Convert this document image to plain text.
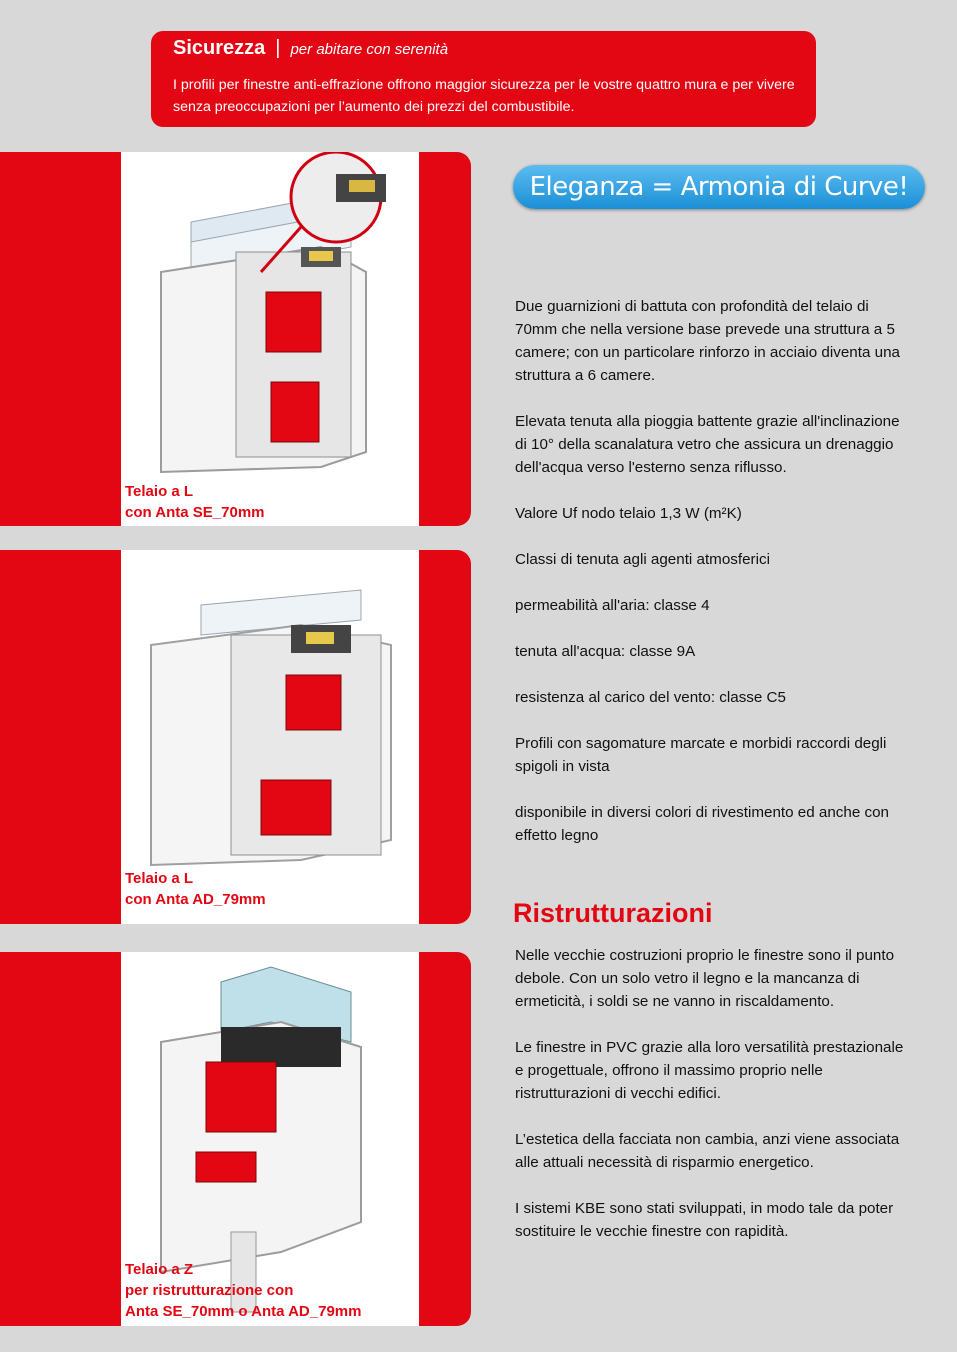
Sicurezza | per abitare con serenità
I profili per finestre anti-effrazione offrono maggior sicurezza per le vostre quattro mura e per vivere senza preoccupazioni per l’aumento dei prezzi del combustibile.
Telaio a L
con Anta SE_70mm
Telaio a L
con Anta AD_79mm
Telaio a Z
per ristrutturazione con
Anta SE_70mm o Anta AD_79mm
Eleganza = Armonia di Curve!

Due guarnizioni di battuta con profondità del telaio di 70mm che nella versione base prevede una struttura a 5 camere; con un particolare rinforzo in acciaio diventa una struttura a 6 camere.

Elevata tenuta alla pioggia battente grazie all'inclinazione di 10° della scanalatura vetro che assicura un drenaggio dell'acqua verso l'esterno senza riflusso.

Valore Uf nodo telaio 1,3 W (m²K)

Classi di tenuta agli agenti atmosferici

permeabilità all'aria: classe 4

tenuta all'acqua: classe 9A

resistenza al carico del vento: classe C5

Profili con sagomature marcate e morbidi raccordi degli spigoli in vista

disponibile in diversi colori di rivestimento ed anche con effetto legno

Ristrutturazioni

Nelle vecchie costruzioni proprio le finestre sono il punto debole. Con un solo vetro il legno e la mancanza di ermeticità, i soldi se ne vanno in riscaldamento.

Le finestre in PVC grazie alla loro versatilità prestazionale e progettuale, offrono il massimo proprio nelle ristrutturazioni di vecchi edifici.

L’estetica della facciata non cambia, anzi viene associata alle attuali necessità di risparmio energetico.

I sistemi KBE sono stati sviluppati, in modo tale da poter sostituire le vecchie finestre con rapidità.
